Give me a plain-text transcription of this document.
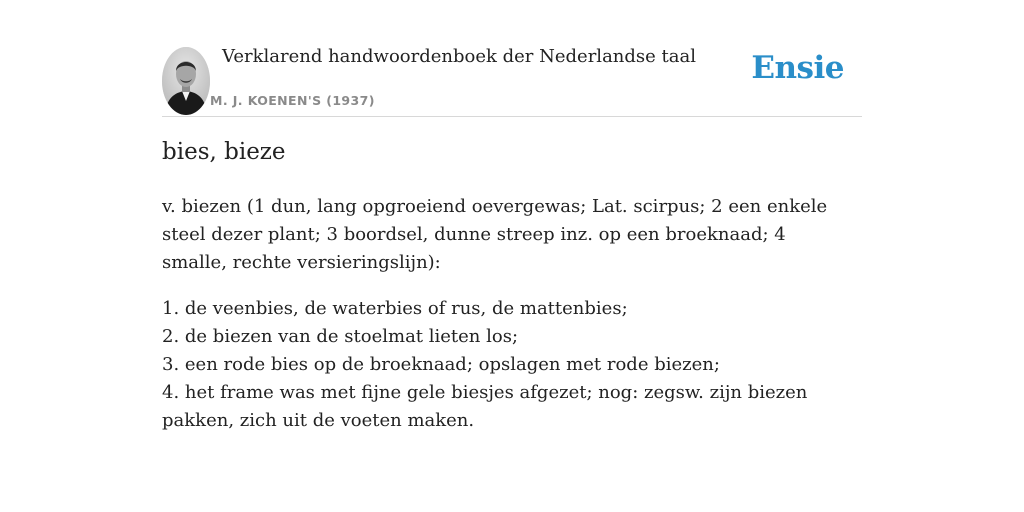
Verklarend handwoordenboek der Nederlandse taal
M. J. KOENEN'S (1937)
Ensie
bies, bieze
v. biezen (1 dun, lang opgroeiend oevergewas; Lat. scirpus; 2 een enkele steel dezer plant; 3 boordsel, dunne streep inz. op een broeknaad; 4 smalle, rechte versieringslijn):
1. de veenbies, de waterbies of rus, de mattenbies;
2. de biezen van de stoelmat lieten los;
3. een rode bies op de broeknaad; opslagen met rode biezen;
4. het frame was met fijne gele biesjes afgezet; nog: zegsw. zijn biezen pakken, zich uit de voeten maken.
